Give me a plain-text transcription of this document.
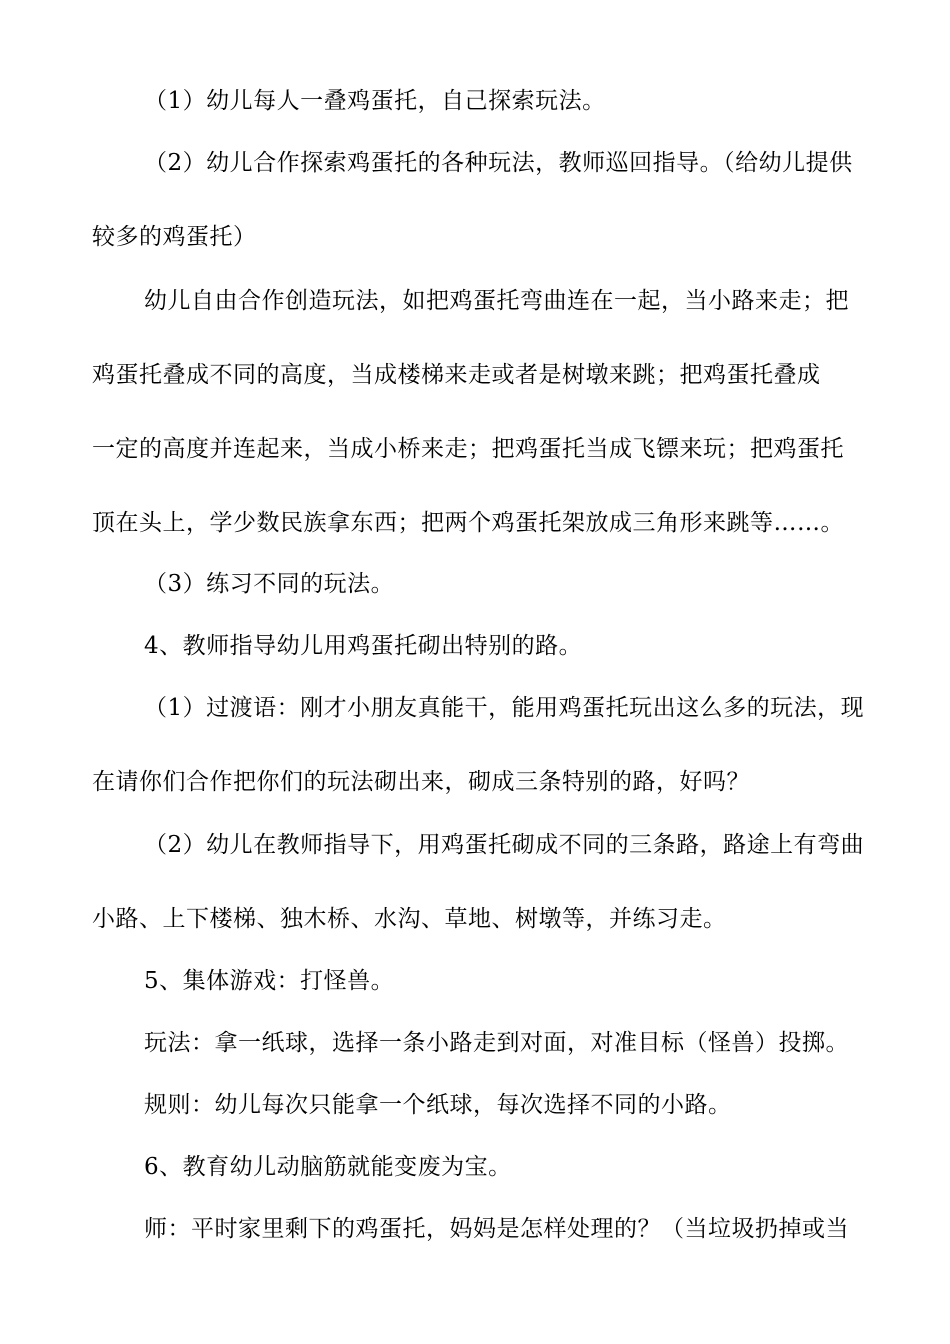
（1）幼儿每人一叠鸡蛋托，自己探索玩法。
（2）幼儿合作探索鸡蛋托的各种玩法，教师巡回指导。（给幼儿提供
较多的鸡蛋托）
幼儿自由合作创造玩法，如把鸡蛋托弯曲连在一起，当小路来走；把
鸡蛋托叠成不同的高度，当成楼梯来走或者是树墩来跳；把鸡蛋托叠成
一定的高度并连起来，当成小桥来走；把鸡蛋托当成飞镖来玩；把鸡蛋托
顶在头上，学少数民族拿东西；把两个鸡蛋托架放成三角形来跳等……。
（3）练习不同的玩法。
4、教师指导幼儿用鸡蛋托砌出特别的路。
（1）过渡语：刚才小朋友真能干，能用鸡蛋托玩出这么多的玩法，现
在请你们合作把你们的玩法砌出来，砌成三条特别的路，好吗？
（2）幼儿在教师指导下，用鸡蛋托砌成不同的三条路，路途上有弯曲
小路、上下楼梯、独木桥、水沟、草地、树墩等，并练习走。
5、集体游戏：打怪兽。
玩法：拿一纸球，选择一条小路走到对面，对准目标（怪兽）投掷。
规则：幼儿每次只能拿一个纸球，每次选择不同的小路。
6、教育幼儿动脑筋就能变废为宝。
师：平时家里剩下的鸡蛋托，妈妈是怎样处理的？（当垃圾扔掉或当
